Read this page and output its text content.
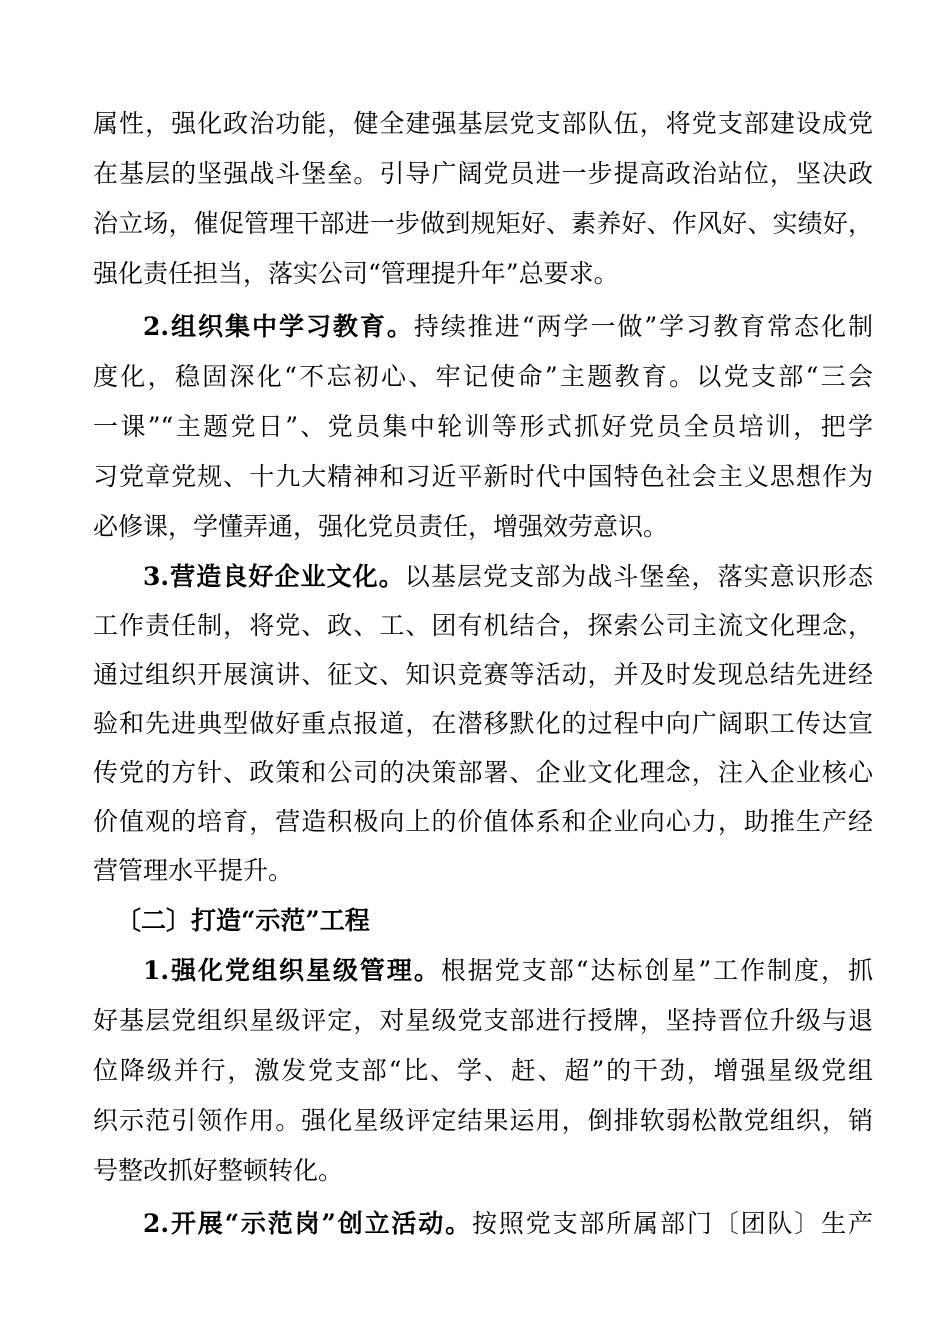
属性，强化政治功能，健全建强基层党支部队伍，将党支部建设成党
在基层的坚强战斗堡垒。引导广阔党员进一步提高政治站位，坚决政
治立场，催促管理干部进一步做到规矩好、素养好、作风好、实绩好，
强化责任担当，落实公司“管理提升年”总要求。
2.组织集中学习教育。持续推进“两学一做”学习教育常态化制
度化，稳固深化“不忘初心、牢记使命”主题教育。以党支部“三会
一课”“主题党日”、党员集中轮训等形式抓好党员全员培训，把学
习党章党规、十九大精神和习近平新时代中国特色社会主义思想作为
必修课，学懂弄通，强化党员责任，增强效劳意识。
3.营造良好企业文化。以基层党支部为战斗堡垒，落实意识形态
工作责任制，将党、政、工、团有机结合，探索公司主流文化理念，
通过组织开展演讲、征文、知识竞赛等活动，并及时发现总结先进经
验和先进典型做好重点报道，在潜移默化的过程中向广阔职工传达宣
传党的方针、政策和公司的决策部署、企业文化理念，注入企业核心
价值观的培育，营造积极向上的价值体系和企业向心力，助推生产经
营管理水平提升。
〔二〕打造“示范”工程
1.强化党组织星级管理。根据党支部“达标创星”工作制度，抓
好基层党组织星级评定，对星级党支部进行授牌，坚持晋位升级与退
位降级并行，激发党支部“比、学、赶、超”的干劲，增强星级党组
织示范引领作用。强化星级评定结果运用，倒排软弱松散党组织，销
号整改抓好整顿转化。
2.开展“示范岗”创立活动。按照党支部所属部门〔团队〕生产
